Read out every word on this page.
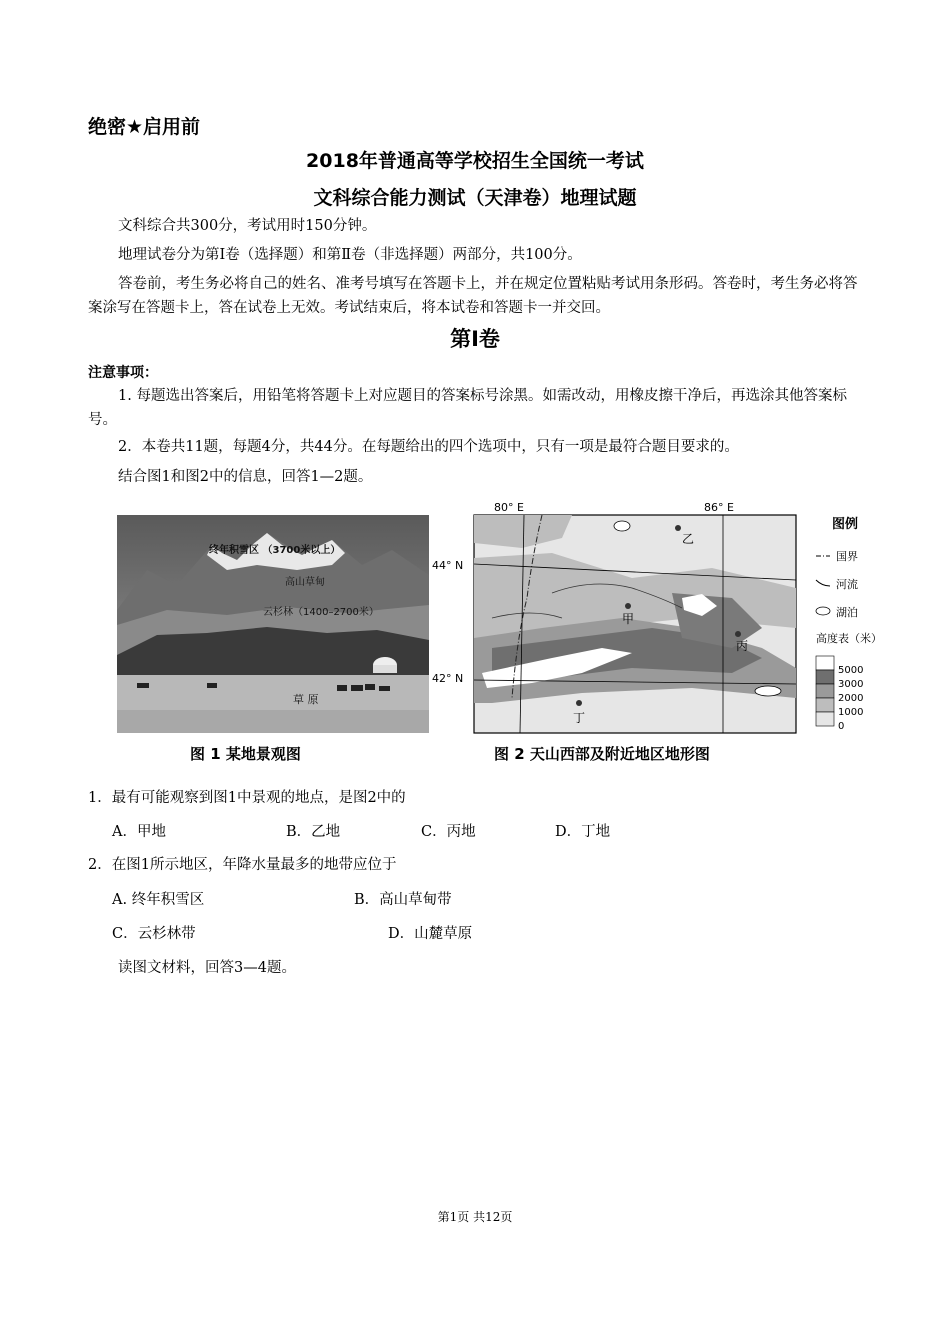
绝密★启用前
2018年普通高等学校招生全国统一考试
文科综合能力测试（天津卷）地理试题
文科综合共300分，考试用时150分钟。
地理试卷分为第Ⅰ卷（选择题）和第Ⅱ卷（非选择题）两部分，共100分。
答卷前，考生务必将自己的姓名、准考号填写在答题卡上，并在规定位置粘贴考试用条形码。答卷时，考生务必将答案涂写在答题卡上，答在试卷上无效。考试结束后，将本试卷和答题卡一并交回。
第Ⅰ卷
注意事项：
1. 每题选出答案后，用铅笔将答题卡上对应题目的答案标号涂黑。如需改动，用橡皮擦干净后，再选涂其他答案标号。
2．本卷共11题，每题4分，共44分。在每题给出的四个选项中，只有一项是最符合题目要求的。
结合图1和图2中的信息，回答1—2题。
终年积雪区 （3700米以上）
高山草甸
云杉林（1400–2700米）
草 原
图 1 某地景观图
甲
乙
丙
丁
80° E	86° E
44° N
42° N
图例
国界
河流
湖泊
高度表（米）
5000
3000
2000
1000
0
图 2 天山西部及附近地区地形图
1．最有可能观察到图1中景观的地点，是图2中的
A．甲地	B．乙地	C．丙地	D．丁地
2．在图1所示地区，年降水量最多的地带应位于
A. 终年积雪区	B．高山草甸带
C．云杉林带	D．山麓草原
读图文材料，回答3—4题。
第1页 共12页
